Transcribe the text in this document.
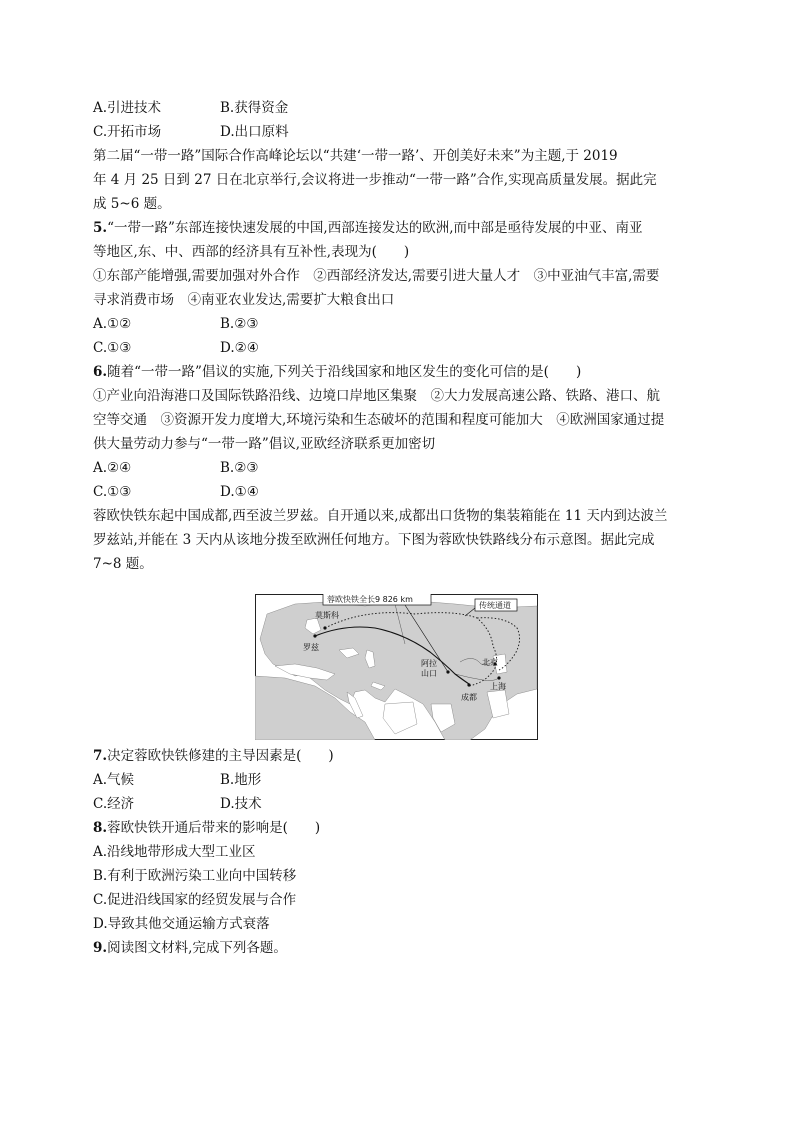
A.引进技术	B.获得资金
C.开拓市场	D.出口原料
第二届“一带一路”国际合作高峰论坛以“共建‘一带一路’、开创美好未来”为主题,于 2019
年 4 月 25 日到 27 日在北京举行,会议将进一步推动“一带一路”合作,实现高质量发展。据此完
成 5~6 题。
5.“一带一路”东部连接快速发展的中国,西部连接发达的欧洲,而中部是亟待发展的中亚、南亚
等地区,东、中、西部的经济具有互补性,表现为(　　)
①东部产能增强,需要加强对外合作　②西部经济发达,需要引进大量人才　③中亚油气丰富,需要
寻求消费市场　④南亚农业发达,需要扩大粮食出口
A.①②	B.②③
C.①③	D.②④
6.随着“一带一路”倡议的实施,下列关于沿线国家和地区发生的变化可信的是(　　)
①产业向沿海港口及国际铁路沿线、边境口岸地区集聚　②大力发展高速公路、铁路、港口、航
空等交通　③资源开发力度增大,环境污染和生态破坏的范围和程度可能加大　④欧洲国家通过提
供大量劳动力参与“一带一路”倡议,亚欧经济联系更加密切
A.②④	B.②③
C.①③	D.①④
蓉欧快铁东起中国成都,西至波兰罗兹。自开通以来,成都出口货物的集装箱能在 11 天内到达波兰
罗兹站,并能在 3 天内从该地分拨至欧洲任何地方。下图为蓉欧快铁路线分布示意图。据此完成
7~8 题。
蓉欧快铁全长9 826 km
传统通道
莫斯科
罗兹
阿拉
山口
北京
上海
成都
7.决定蓉欧快铁修建的主导因素是(　　)
A.气候	B.地形
C.经济	D.技术
8.蓉欧快铁开通后带来的影响是(　　)
A.沿线地带形成大型工业区
B.有利于欧洲污染工业向中国转移
C.促进沿线国家的经贸发展与合作
D.导致其他交通运输方式衰落
9.阅读图文材料,完成下列各题。
